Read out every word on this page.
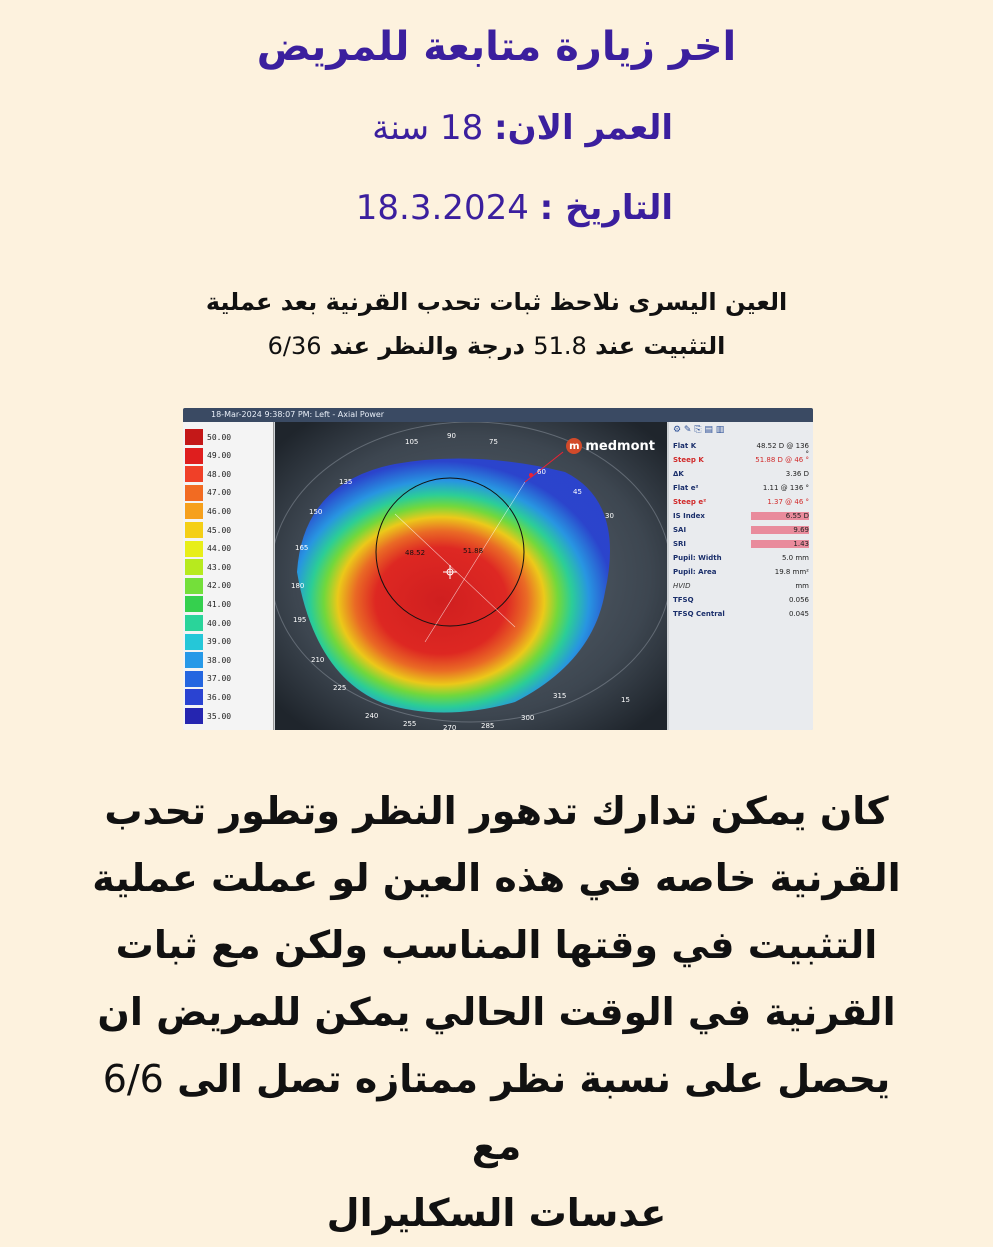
اخر زيارة متابعة للمريض
العمر الان: 18 سنة
التاريخ : 18.3.2024
العين اليسرى نلاحظ ثبات تحدب القرنية بعد عملية
التثبيت عند 51.8 درجة والنظر عند 6/36
18-Mar-2024 9:38:07 PM: Left - Axial Power
50.00
49.00
48.00
47.00
46.00
45.00
44.00
43.00
42.00
41.00
40.00
39.00
38.00
37.00
36.00
35.00
105
90
75
135
150
165
180
195
210
225
60
45
30
15
240
255	270	285
300
315
48.52	51.88
m medmont
⚙ ✎ ⎘ ▤ ▥
Flat K	48.52 D @ 136 °
Steep K	51.88 D @ 46 °
ΔK	3.36 D
Flat e²	1.11 @ 136 °
Steep e²	1.37 @ 46 °
IS Index	6.55 D
SAI	9.69
SRI	1.43
Pupil: Width	5.0 mm
Pupil: Area	19.8 mm²
HVID	mm
TFSQ	0.056
TFSQ Central	0.045
كان يمكن تدارك تدهور النظر وتطور تحدب
القرنية خاصه في هذه العين لو عملت عملية
التثبيت في وقتها المناسب ولكن مع ثبات
القرنية في الوقت الحالي يمكن للمريض ان
يحصل على نسبة نظر ممتازه تصل الى 6/6 مع
عدسات السكليرال
